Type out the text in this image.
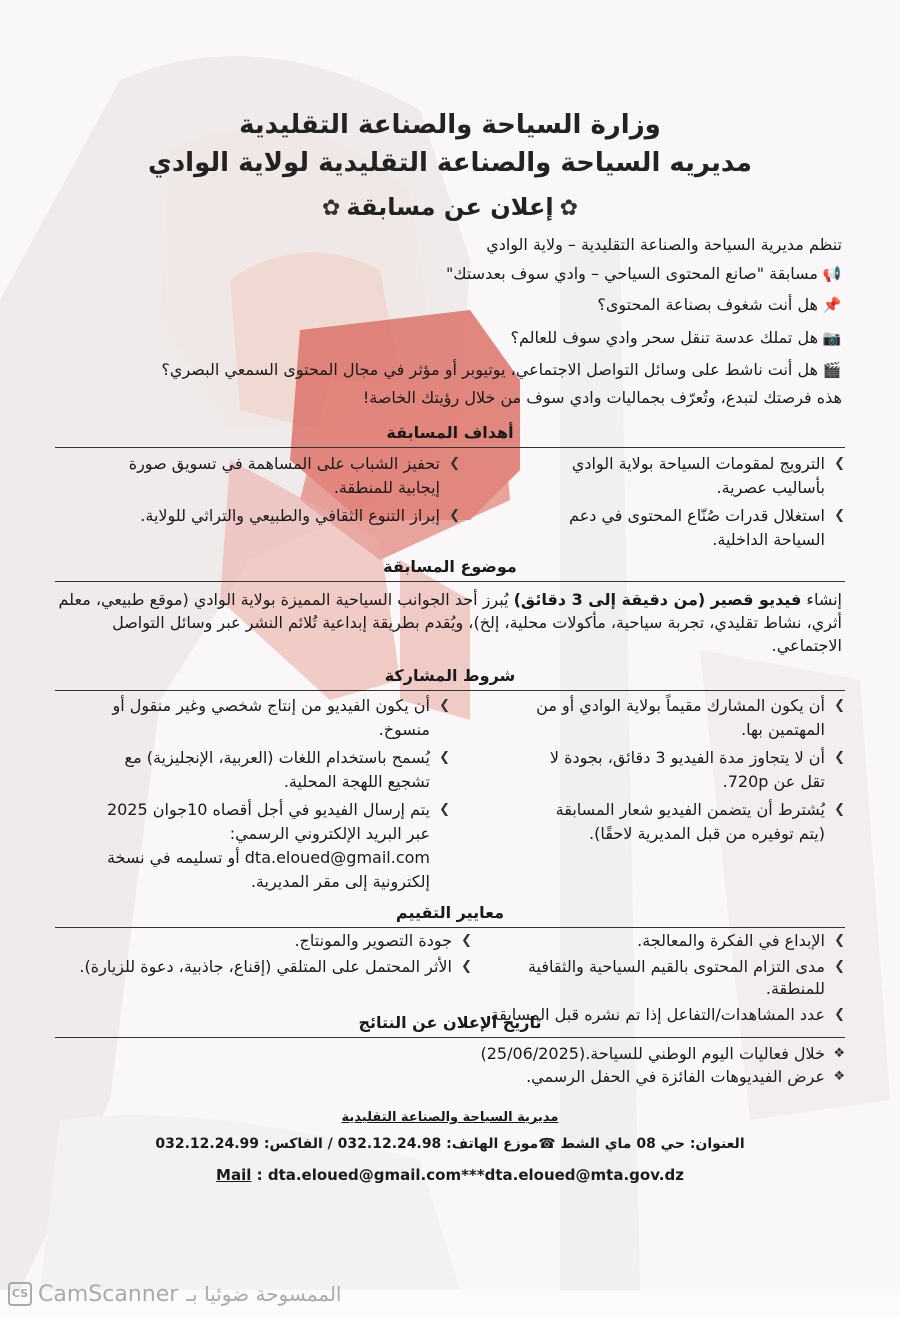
وزارة السياحة والصناعة التقليدية
مديريه السياحة والصناعة التقليدية لولاية الوادي
✿إعلان عن مسابقة✿
تنظم مديرية السياحة والصناعة التقليدية – ولاية الوادي
📢مسابقة "صانع المحتوى السياحي – وادي سوف بعدستك"
📌هل أنت شغوف بصناعة المحتوى؟
📷هل تملك عدسة تنقل سحر وادي سوف للعالم؟
🎬هل أنت ناشط على وسائل التواصل الاجتماعي، يوتيوبر أو مؤثر في مجال المحتوى السمعي البصري؟
هذه فرصتك لتبدع، وتُعرّف بجماليات وادي سوف من خلال رؤيتك الخاصة!
أهداف المسابقة
❯
الترويج لمقومات السياحة بولاية الوادي بأساليب عصرية.
❯
استغلال قدرات صُنّاع المحتوى في دعم السياحة الداخلية.
❯
تحفيز الشباب على المساهمة في تسويق صورة إيجابية للمنطقة.
❯
إبراز التنوع الثقافي والطبيعي والتراثي للولاية.
موضوع المسابقة
إنشاء فيديو قصير (من دقيقة إلى 3 دقائق) يُبرز أحد الجوانب السياحية المميزة بولاية الوادي (موقع طبيعي، معلم أثري، نشاط تقليدي، تجربة سياحية، مأكولات محلية، إلخ)، ويُقدم بطريقة إبداعية تُلائم النشر عبر وسائل التواصل الاجتماعي.
شروط المشاركة
❯
أن يكون المشارك مقيماً بولاية الوادي أو من المهتمين بها.
❯
أن لا يتجاوز مدة الفيديو 3 دقائق، بجودة لا تقل عن 720p.
❯
يُشترط أن يتضمن الفيديو شعار المسابقة (يتم توفيره من قبل المديرية لاحقًا).
❯
أن يكون الفيديو من إنتاج شخصي وغير منقول أو منسوخ.
❯
يُسمح باستخدام اللغات (العربية، الإنجليزية) مع تشجيع اللهجة المحلية.
❯
يتم إرسال الفيديو في أجل أقصاه 10جوان 2025 عبر البريد الإلكتروني الرسمي: dta.eloued@gmail.com أو تسليمه في نسخة إلكترونية إلى مقر المديرية.
معايير التقييم
❯
الإبداع في الفكرة والمعالجة.
❯
مدى التزام المحتوى بالقيم السياحية والثقافية للمنطقة.
❯
عدد المشاهدات/التفاعل إذا تم نشره قبل المسابقة.
❯
جودة التصوير والمونتاج.
❯
الأثر المحتمل على المتلقي (إقناع، جاذبية، دعوة للزيارة).
تاريخ الإعلان عن النتائج
❖
خلال فعاليات اليوم الوطني للسياحة.(25/06/2025)
❖
عرض الفيديوهات الفائزة في الحفل الرسمي.
مديرية السياحة والصناعة التقليدية
العنوان: حي 08 ماي الشط ☎موزع الهاتف: 032.12.24.98 / الفاكس: 032.12.24.99
Mail : dta.eloued@gmail.com***dta.eloued@mta.gov.dz
CS CamScanner الممسوحة ضوئيا بـ
